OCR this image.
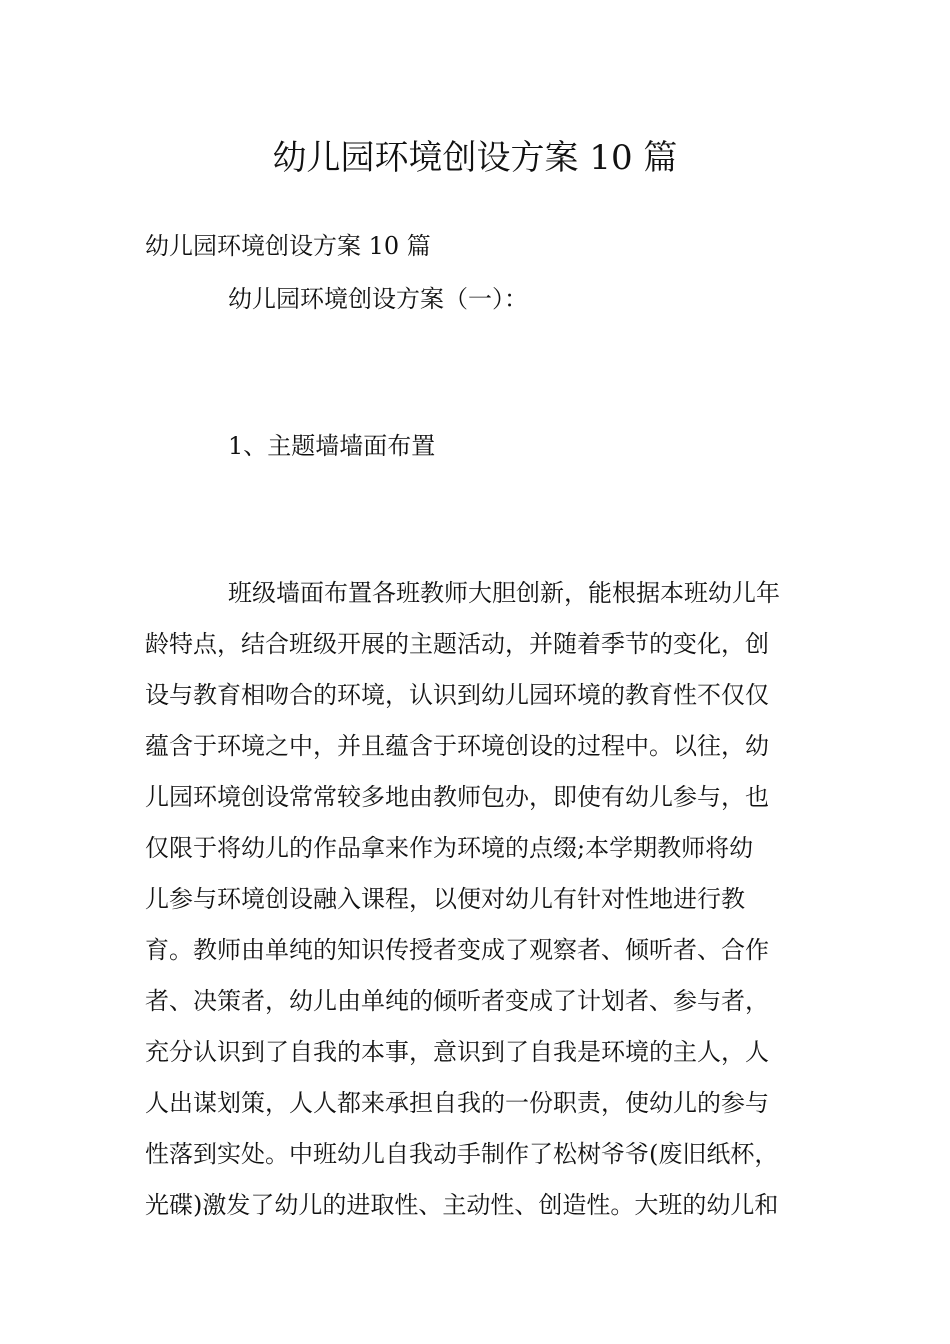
幼儿园环境创设方案 10 篇
幼儿园环境创设方案 10 篇
幼儿园环境创设方案（一）：
1、主题墙墙面布置
班级墙面布置各班教师大胆创新，能根据本班幼儿年
龄特点，结合班级开展的主题活动，并随着季节的变化，创
设与教育相吻合的环境，认识到幼儿园环境的教育性不仅仅
蕴含于环境之中，并且蕴含于环境创设的过程中。以往，幼
儿园环境创设常常较多地由教师包办，即使有幼儿参与，也
仅限于将幼儿的作品拿来作为环境的点缀;本学期教师将幼
儿参与环境创设融入课程，以便对幼儿有针对性地进行教
育。教师由单纯的知识传授者变成了观察者、倾听者、合作
者、决策者，幼儿由单纯的倾听者变成了计划者、参与者，
充分认识到了自我的本事，意识到了自我是环境的主人，人
人出谋划策，人人都来承担自我的一份职责，使幼儿的参与
性落到实处。中班幼儿自我动手制作了松树爷爷(废旧纸杯，
光碟)激发了幼儿的进取性、主动性、创造性。大班的幼儿和
